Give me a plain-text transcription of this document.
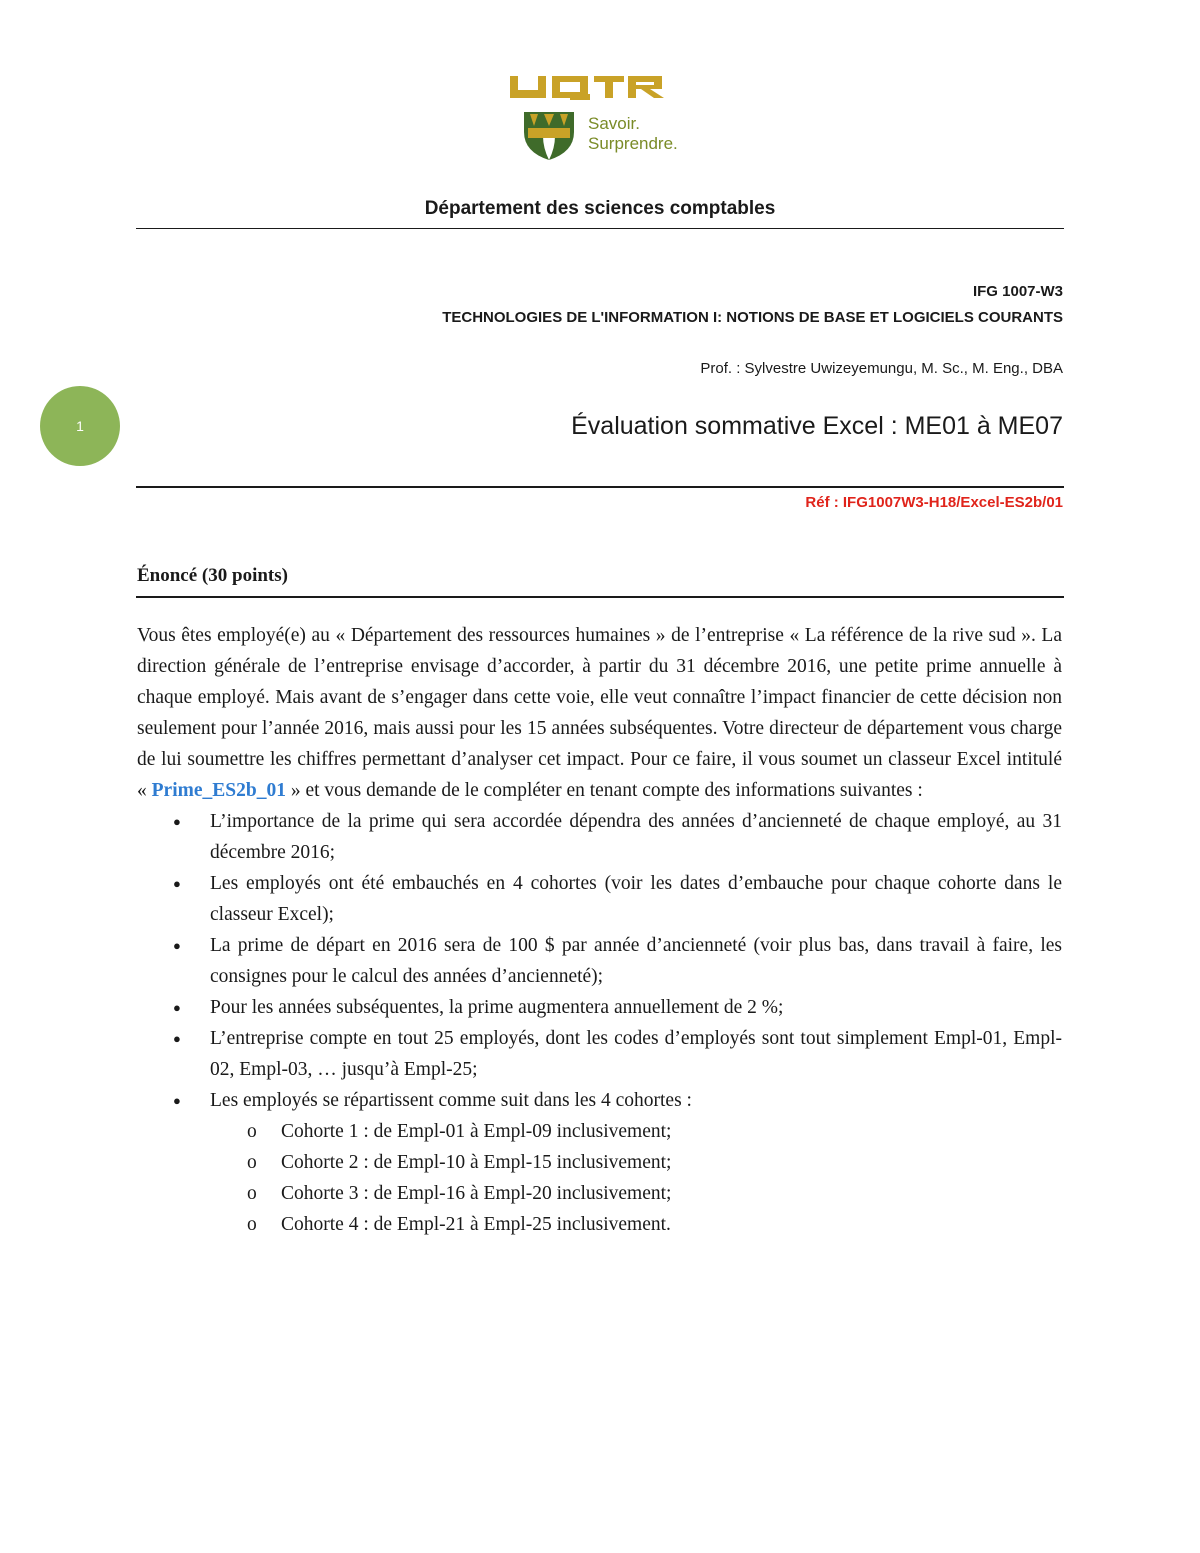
Savoir.
Surprendre.
Département des sciences comptables
IFG 1007-W3
TECHNOLOGIES DE L'INFORMATION I: NOTIONS DE BASE ET LOGICIELS COURANTS
Prof. : Sylvestre Uwizeyemungu, M. Sc., M. Eng., DBA
Évaluation sommative Excel : ME01 à ME07
Réf : IFG1007W3-H18/Excel-ES2b/01
1
Énoncé (30 points)

Vous êtes employé(e) au « Département des ressources humaines » de l’entreprise « La référence de la rive sud ». La direction générale de l’entreprise envisage d’accorder, à partir du 31 décembre 2016, une petite prime annuelle à chaque employé. Mais avant de s’engager dans cette voie, elle veut connaître l’impact financier de cette décision non seulement pour l’année 2016, mais aussi pour les 15 années subséquentes. Votre directeur de département vous charge de lui soumettre les chiffres permettant d’analyser cet impact. Pour ce faire, il vous soumet un classeur Excel intitulé « Prime_ES2b_01 » et vous demande de le compléter en tenant compte des informations suivantes :

● L’importance de la prime qui sera accordée dépendra des années d’ancienneté de chaque employé, au 31 décembre 2016;
● Les employés ont été embauchés en 4 cohortes (voir les dates d’embauche pour chaque cohorte dans le classeur Excel);
● La prime de départ en 2016 sera de 100 $ par année d’ancienneté (voir plus bas, dans travail à faire, les consignes pour le calcul des années d’ancienneté);
● Pour les années subséquentes, la prime augmentera annuellement de 2 %;
● L’entreprise compte en tout 25 employés, dont les codes d’employés sont tout simplement Empl-01, Empl-02, Empl-03, … jusqu’à Empl-25;
● Les employés se répartissent comme suit dans les 4 cohortes :
o Cohorte 1 : de Empl-01 à Empl-09 inclusivement;
o Cohorte 2 : de Empl-10 à Empl-15 inclusivement;
o Cohorte 3 : de Empl-16 à Empl-20 inclusivement;
o Cohorte 4 : de Empl-21 à Empl-25 inclusivement.
